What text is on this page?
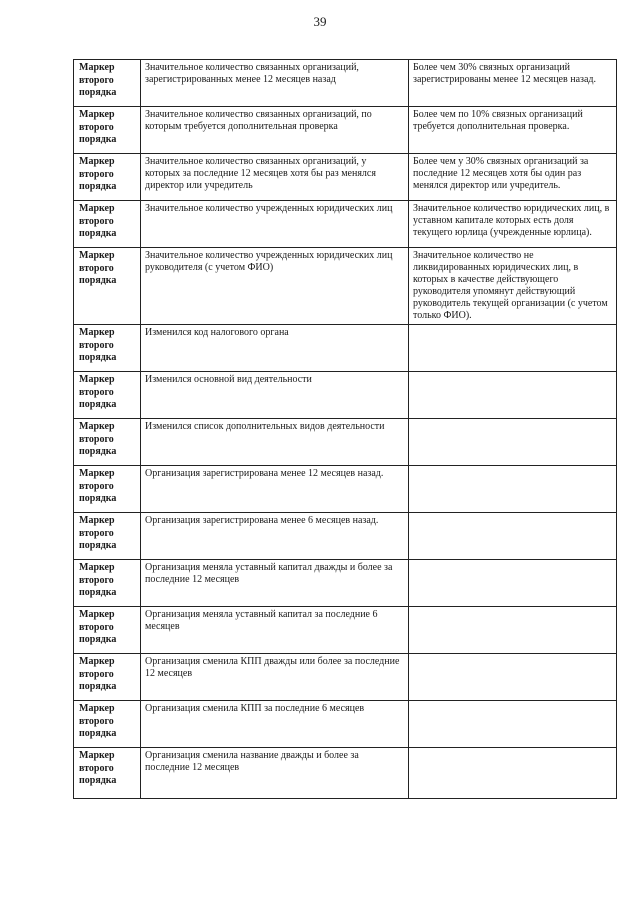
39
Маркер второго порядка	Значительное количество связанных организаций, зарегистрированных менее 12 месяцев назад	Более чем 30% связных организаций зарегистрированы менее 12 месяцев назад.
Маркер второго порядка	Значительное количество связанных организаций, по которым требуется дополнительная проверка	Более чем по 10% связных организаций требуется дополнительная проверка.
Маркер второго порядка	Значительное количество связанных организаций, у которых за последние 12 месяцев хотя бы раз менялся директор или учредитель	Более чем у 30% связных организаций за последние 12 месяцев хотя бы один раз менялся директор или учредитель.
Маркер второго порядка	Значительное количество учрежденных юридических лиц	Значительное количество юридических лиц, в уставном капитале которых есть доля текущего юрлица (учрежденные юрлица).
Маркер второго порядка	Значительное количество учрежденных юридических лиц руководителя (с учетом ФИО)	Значительное количество не ликвидированных юридических лиц, в которых в качестве действующего руководителя упомянут действующий руководитель текущей организации (с учетом только ФИО).
Маркер второго порядка	Изменился код налогового органа	
Маркер второго порядка	Изменился основной вид деятельности	
Маркер второго порядка	Изменился список дополнительных видов деятельности	
Маркер второго порядка	Организация зарегистрирована менее 12 месяцев назад.	
Маркер второго порядка	Организация зарегистрирована менее 6 месяцев назад.	
Маркер второго порядка	Организация меняла уставный капитал дважды и более за последние 12 месяцев	
Маркер второго порядка	Организация меняла уставный капитал за последние 6 месяцев	
Маркер второго порядка	Организация сменила КПП дважды или более за последние 12 месяцев	
Маркер второго порядка	Организация сменила КПП за последние 6 месяцев	
Маркер второго порядка	Организация сменила название дважды и более за последние 12 месяцев	
